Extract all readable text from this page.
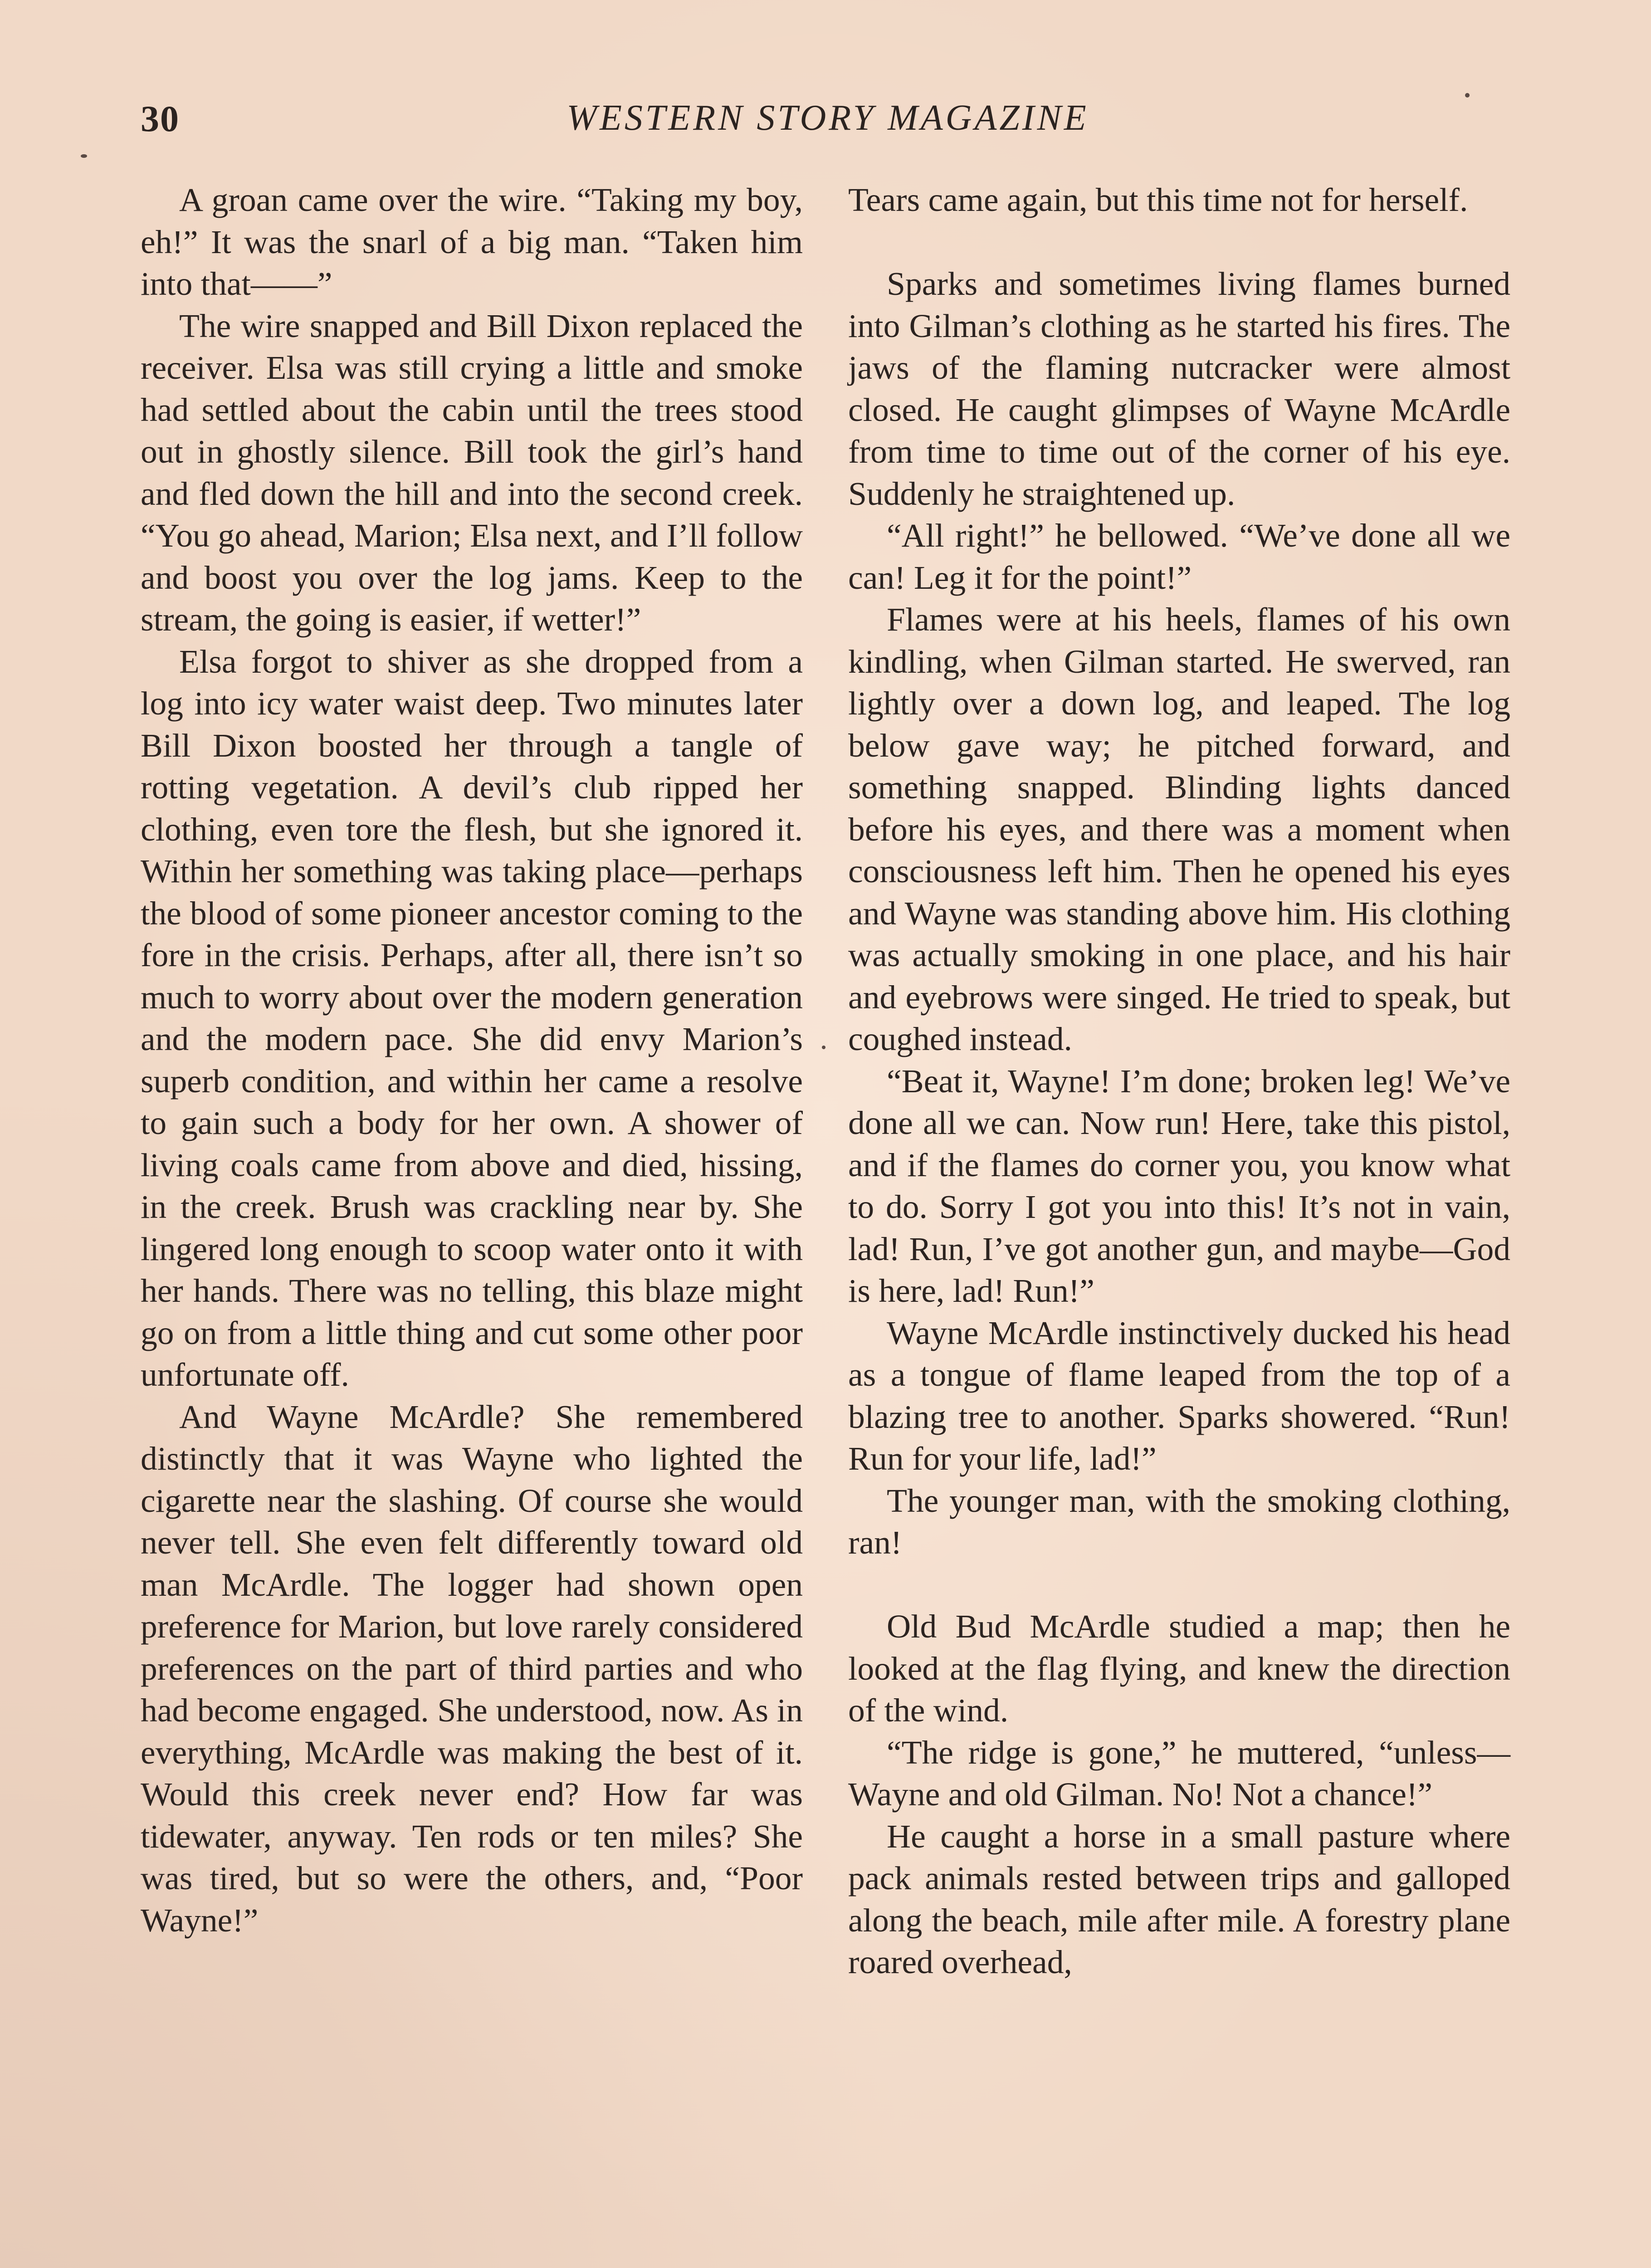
30	WESTERN STORY MAGAZINE

A groan came over the wire. “Taking my boy, eh!” It was the snarl of a big man. “Taken him into that——”

The wire snapped and Bill Dixon replaced the receiver. Elsa was still crying a little and smoke had settled about the cabin until the trees stood out in ghostly silence. Bill took the girl’s hand and fled down the hill and into the second creek. “You go ahead, Marion; Elsa next, and I’ll follow and boost you over the log jams. Keep to the stream, the going is easier, if wetter!”

Elsa forgot to shiver as she dropped from a log into icy water waist deep. Two minutes later Bill Dixon boosted her through a tangle of rotting vegetation. A devil’s club ripped her clothing, even tore the flesh, but she ignored it. Within her something was taking place—perhaps the blood of some pioneer ancestor coming to the fore in the crisis. Perhaps, after all, there isn’t so much to worry about over the modern generation and the modern pace. She did envy Marion’s superb condition, and within her came a resolve to gain such a body for her own. A shower of living coals came from above and died, hissing, in the creek. Brush was crackling near by. She lingered long enough to scoop water onto it with her hands. There was no telling, this blaze might go on from a little thing and cut some other poor unfortunate off.

And Wayne McArdle? She remembered distinctly that it was Wayne who lighted the cigarette near the slashing. Of course she would never tell. She even felt differently toward old man McArdle. The logger had shown open preference for Marion, but love rarely considered preferences on the part of third parties and who had become engaged. She understood, now. As in everything, McArdle was making the best of it. Would this creek never end? How far was tidewater, anyway. Ten rods or ten miles? She was tired, but so were the others, and, “Poor Wayne!”

Tears came again, but this time not for herself.

Sparks and sometimes living flames burned into Gilman’s clothing as he started his fires. The jaws of the flaming nutcracker were almost closed. He caught glimpses of Wayne McArdle from time to time out of the corner of his eye. Suddenly he straightened up.

“All right!” he bellowed. “We’ve done all we can! Leg it for the point!”

Flames were at his heels, flames of his own kindling, when Gilman started. He swerved, ran lightly over a down log, and leaped. The log below gave way; he pitched forward, and something snapped. Blinding lights danced before his eyes, and there was a moment when consciousness left him. Then he opened his eyes and Wayne was standing above him. His clothing was actually smoking in one place, and his hair and eyebrows were singed. He tried to speak, but coughed instead.

“Beat it, Wayne! I’m done; broken leg! We’ve done all we can. Now run! Here, take this pistol, and if the flames do corner you, you know what to do. Sorry I got you into this! It’s not in vain, lad! Run, I’ve got another gun, and maybe—God is here, lad! Run!”

Wayne McArdle instinctively ducked his head as a tongue of flame leaped from the top of a blazing tree to another. Sparks showered. “Run! Run for your life, lad!”

The younger man, with the smoking clothing, ran!

Old Bud McArdle studied a map; then he looked at the flag flying, and knew the direction of the wind.

“The ridge is gone,” he muttered, “unless—Wayne and old Gilman. No! Not a chance!”

He caught a horse in a small pasture where pack animals rested between trips and galloped along the beach, mile after mile. A forestry plane roared overhead,
